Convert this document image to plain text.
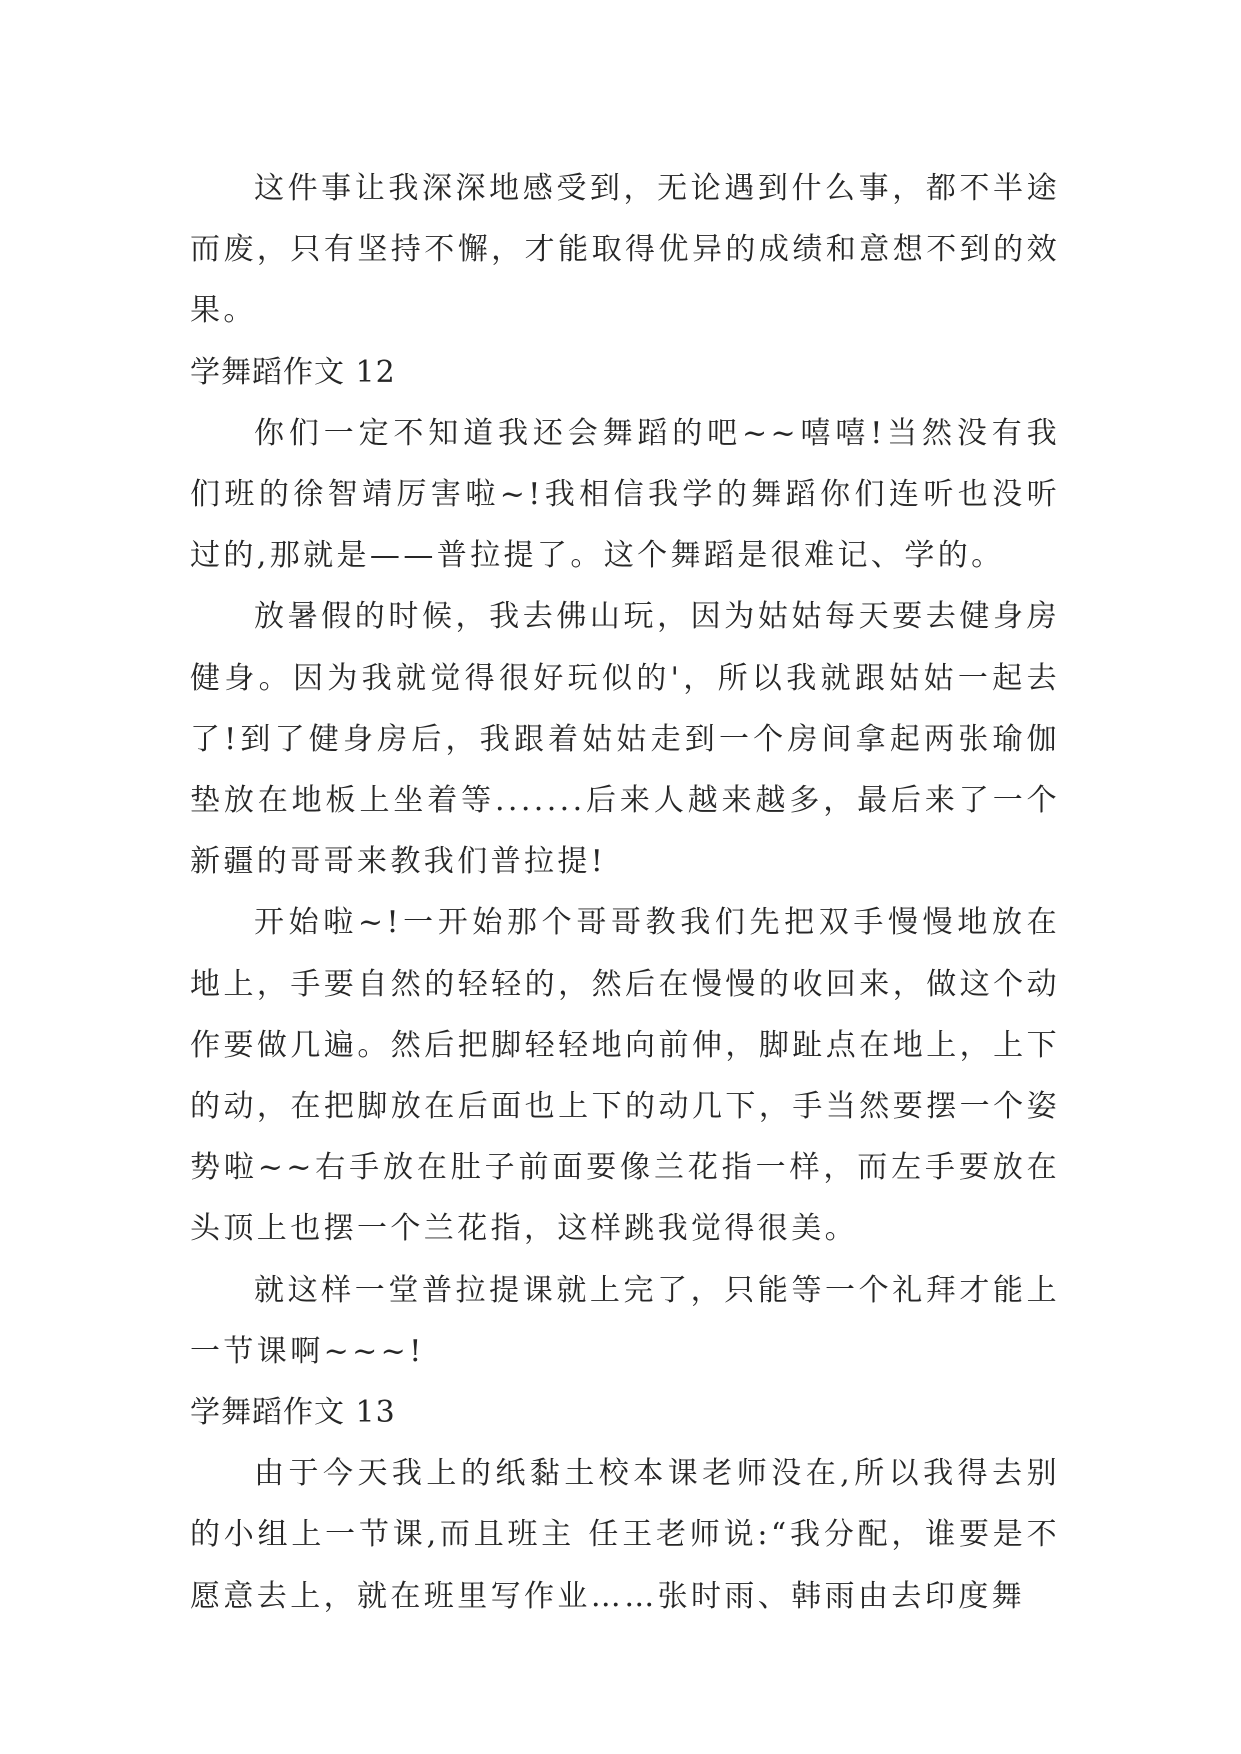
这件事让我深深地感受到，无论遇到什么事，都不半途而废，只有坚持不懈，才能取得优异的成绩和意想不到的效果。

学舞蹈作文 12

你们一定不知道我还会舞蹈的吧~~嘻嘻!当然没有我们班的徐智靖厉害啦~!我相信我学的舞蹈你们连听也没听过的,那就是——普拉提了。这个舞蹈是很难记、学的。

放暑假的时候，我去佛山玩，因为姑姑每天要去健身房健身。因为我就觉得很好玩似的'，所以我就跟姑姑一起去了!到了健身房后，我跟着姑姑走到一个房间拿起两张瑜伽垫放在地板上坐着等.......后来人越来越多，最后来了一个新疆的哥哥来教我们普拉提!

开始啦~!一开始那个哥哥教我们先把双手慢慢地放在地上，手要自然的轻轻的，然后在慢慢的收回来，做这个动作要做几遍。然后把脚轻轻地向前伸，脚趾点在地上，上下的动，在把脚放在后面也上下的动几下，手当然要摆一个姿势啦~~右手放在肚子前面要像兰花指一样，而左手要放在头顶上也摆一个兰花指，这样跳我觉得很美。

就这样一堂普拉提课就上完了，只能等一个礼拜才能上一节课啊~~~!

学舞蹈作文 13

由于今天我上的纸黏土校本课老师没在,所以我得去别的小组上一节课,而且班主 任王老师说:“我分配，谁要是不愿意去上，就在班里写作业……张时雨、韩雨由去印度舞
